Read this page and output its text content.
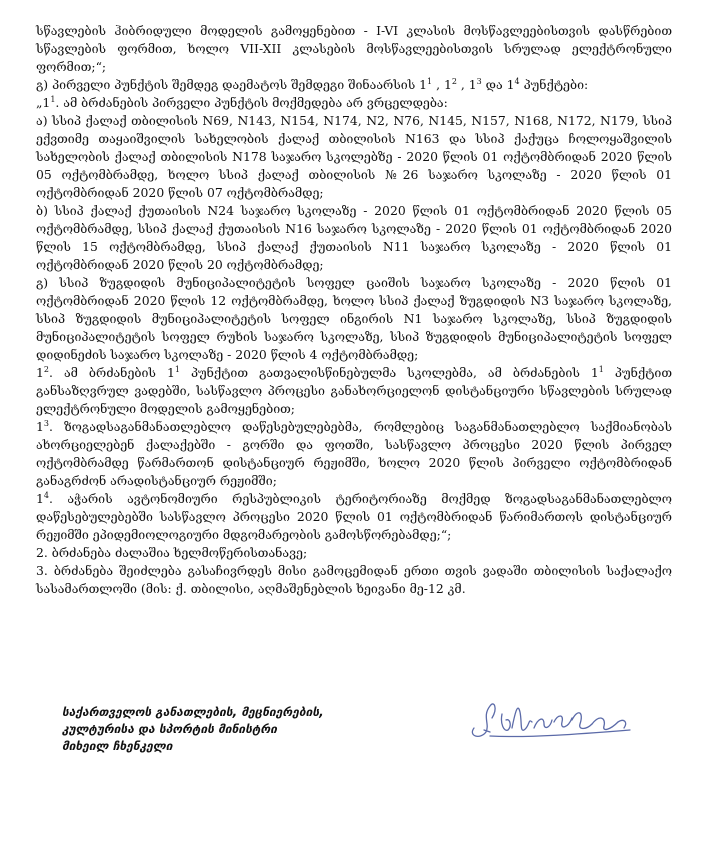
სწავლების ჰიბრიდული მოდელის გამოყენებით - I-VI კლასის მოსწავლეებისთვის დასწრებით სწავლების ფორმით, ხოლო VII-XII კლასების მოსწავლეებისთვის სრულად ელექტრონული ფორმით;“;

გ) პირველი პუნქტის შემდეგ დაემატოს შემდეგი შინაარსის $1^1$ , $1^2$ , $1^3$ და $1^4$ პუნქტები:

$„1^1$. ამ ბრძანების პირველი პუნქტის მოქმედება არ ვრცელდება:

ა) სსიპ ქალაქ თბილისის N69, N143, N154, N174, N2, N76, N145, N157, N168, N172, N179, სსიპ ექვთიმე თაყაიშვილის სახელობის ქალაქ თბილისის N163 და სსიპ ქაქუცა ჩოლოყაშვილის სახელობის ქალაქ თბილისის N178 საჯარო სკოლებზე - 2020 წლის 01 ოქტომბრიდან 2020 წლის 05 ოქტომბრამდე, ხოლო სსიპ ქალაქ თბილისის №26 საჯარო სკოლაზე - 2020 წლის 01 ოქტომბრიდან 2020 წლის 07 ოქტომბრამდე;

ბ) სსიპ ქალაქ ქუთაისის N24 საჯარო სკოლაზე - 2020 წლის 01 ოქტომბრიდან 2020 წლის 05 ოქტომბრამდე, სსიპ ქალაქ ქუთაისის N16 საჯარო სკოლაზე - 2020 წლის 01 ოქტომბრიდან 2020 წლის 15 ოქტომბრამდე, სსიპ ქალაქ ქუთაისის N11 საჯარო სკოლაზე - 2020 წლის 01 ოქტომბრიდან 2020 წლის 20 ოქტომბრამდე;

გ) სსიპ ზუგდიდის მუნიციპალიტეტის სოფელ ცაიშის საჯარო სკოლაზე - 2020 წლის 01 ოქტომბრიდან 2020 წლის 12 ოქტომბრამდე, ხოლო სსიპ ქალაქ ზუგდიდის N3 საჯარო სკოლაზე, სსიპ ზუგდიდის მუნიციპალიტეტის სოფელ ინგირის N1 საჯარო სკოლაზე, სსიპ ზუგდიდის მუნიციპალიტეტის სოფელ რუხის საჯარო სკოლაზე, სსიპ ზუგდიდის მუნიციპალიტეტის სოფელ დიდინეძის საჯარო სკოლაზე - 2020 წლის 4 ოქტომბრამდე;

$1^2$. ამ ბრძანების $1^1$ პუნქტით გათვალისწინებულმა სკოლებმა, ამ ბრძანების $1^1$ პუნქტით განსაზღვრულ ვადებში, სასწავლო პროცესი განახორციელონ დისტანციური სწავლების სრულად ელექტრონული მოდელის გამოყენებით;

$1^3$. ზოგადსაგანმანათლებლო დაწესებულებებმა, რომლებიც საგანმანათლებლო საქმიანობას ახორციელებენ ქალაქებში - გორში და ფოთში, სასწავლო პროცესი 2020 წლის პირველ ოქტომბრამდე წარმართონ დისტანციურ რეჟიმში, ხოლო 2020 წლის პირველი ოქტომბრიდან განაგრძონ არადისტანციურ რეჟიმში;

$1^4$. აჭარის ავტონომიური რესპუბლიკის ტერიტორიაზე მოქმედ ზოგადსაგანმანათლებლო დაწესებულებებში სასწავლო პროცესი 2020 წლის 01 ოქტომბრიდან წარიმართოს დისტანციურ რეჟიმში ეპიდემიოლოგიური მდგომარეობის გამოსწორებამდე;“;

2. ბრძანება ძალაშია ხელმოწერისთანავე;

3. ბრძანება შეიძლება გასაჩივრდეს მისი გამოცემიდან ერთი თვის ვადაში თბილისის საქალაქო სასამართლოში (მის: ქ. თბილისი, აღმაშენებლის ხეივანი მე-12 კმ.

საქართველოს განათლების, მეცნიერების,
კულტურისა და სპორტის მინისტრი
მიხეილ ჩხენკელი
